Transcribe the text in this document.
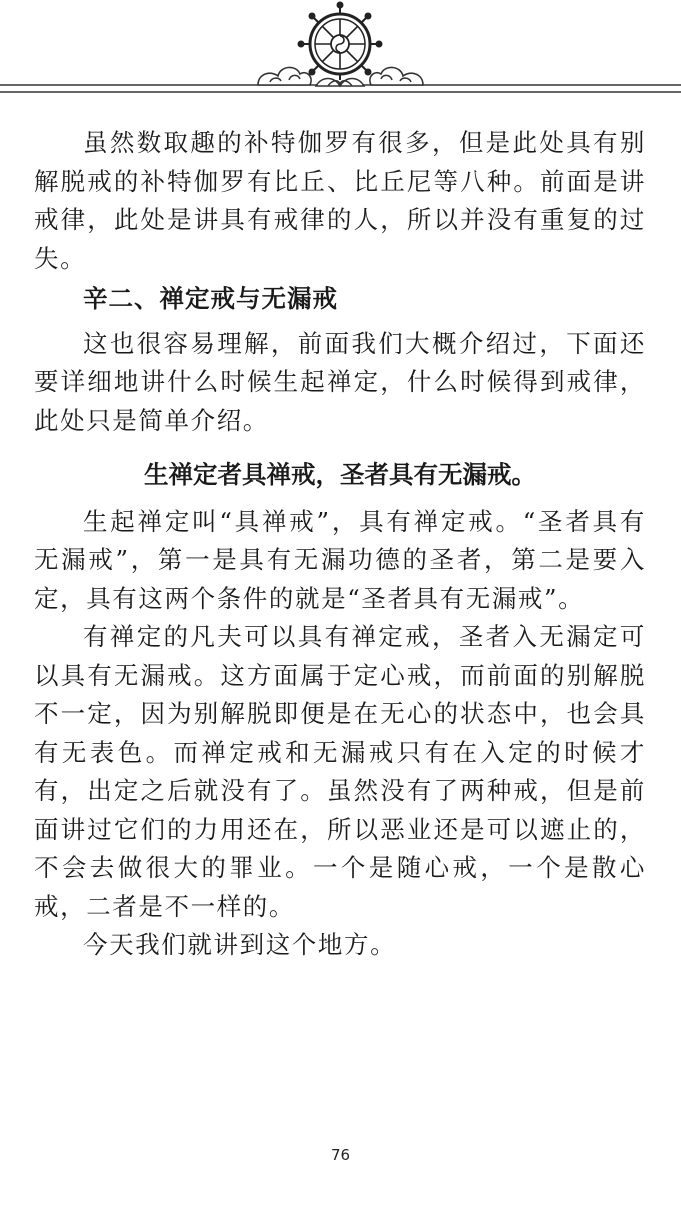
虽然数取趣的补特伽罗有很多，但是此处具有别解脱戒的补特伽罗有比丘、比丘尼等八种。前面是讲戒律，此处是讲具有戒律的人，所以并没有重复的过失。

辛二、禅定戒与无漏戒

这也很容易理解，前面我们大概介绍过，下面还要详细地讲什么时候生起禅定，什么时候得到戒律，此处只是简单介绍。

生禅定者具禅戒，圣者具有无漏戒。

生起禅定叫“具禅戒”，具有禅定戒。“圣者具有无漏戒”，第一是具有无漏功德的圣者，第二是要入定，具有这两个条件的就是“圣者具有无漏戒”。

有禅定的凡夫可以具有禅定戒，圣者入无漏定可以具有无漏戒。这方面属于定心戒，而前面的别解脱不一定，因为别解脱即便是在无心的状态中，也会具有无表色。而禅定戒和无漏戒只有在入定的时候才有，出定之后就没有了。虽然没有了两种戒，但是前面讲过它们的力用还在，所以恶业还是可以遮止的，不会去做很大的罪业。一个是随心戒，一个是散心戒，二者是不一样的。

今天我们就讲到这个地方。

76
